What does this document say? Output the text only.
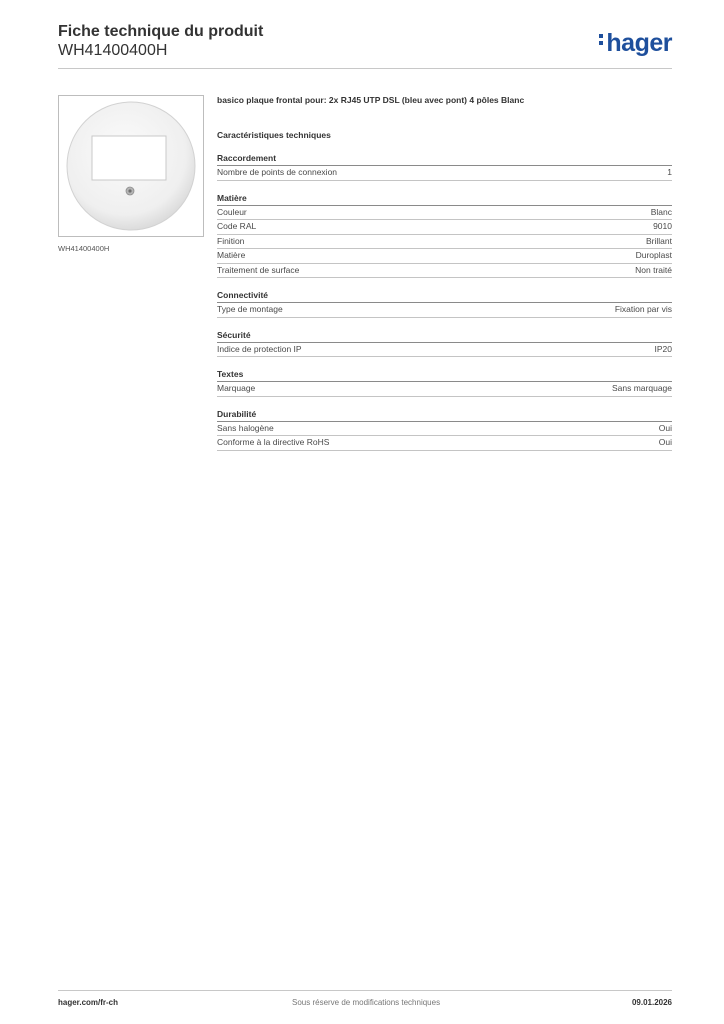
Fiche technique du produit
WH41400400H	hager
WH41400400H
basico plaque frontal pour: 2x RJ45 UTP DSL (bleu avec pont) 4 pôles Blanc
Caractéristiques techniques
Raccordement
Nombre de points de connexion	1
Matière
Couleur	Blanc
Code RAL	9010
Finition	Brillant
Matière	Duroplast
Traitement de surface	Non traité
Connectivité
Type de montage	Fixation par vis
Sécurité
Indice de protection IP	IP20
Textes
Marquage	Sans marquage
Durabilité
Sans halogène	Oui
Conforme à la directive RoHS	Oui
hager.com/fr-ch	Sous réserve de modifications techniques	09.01.2026
